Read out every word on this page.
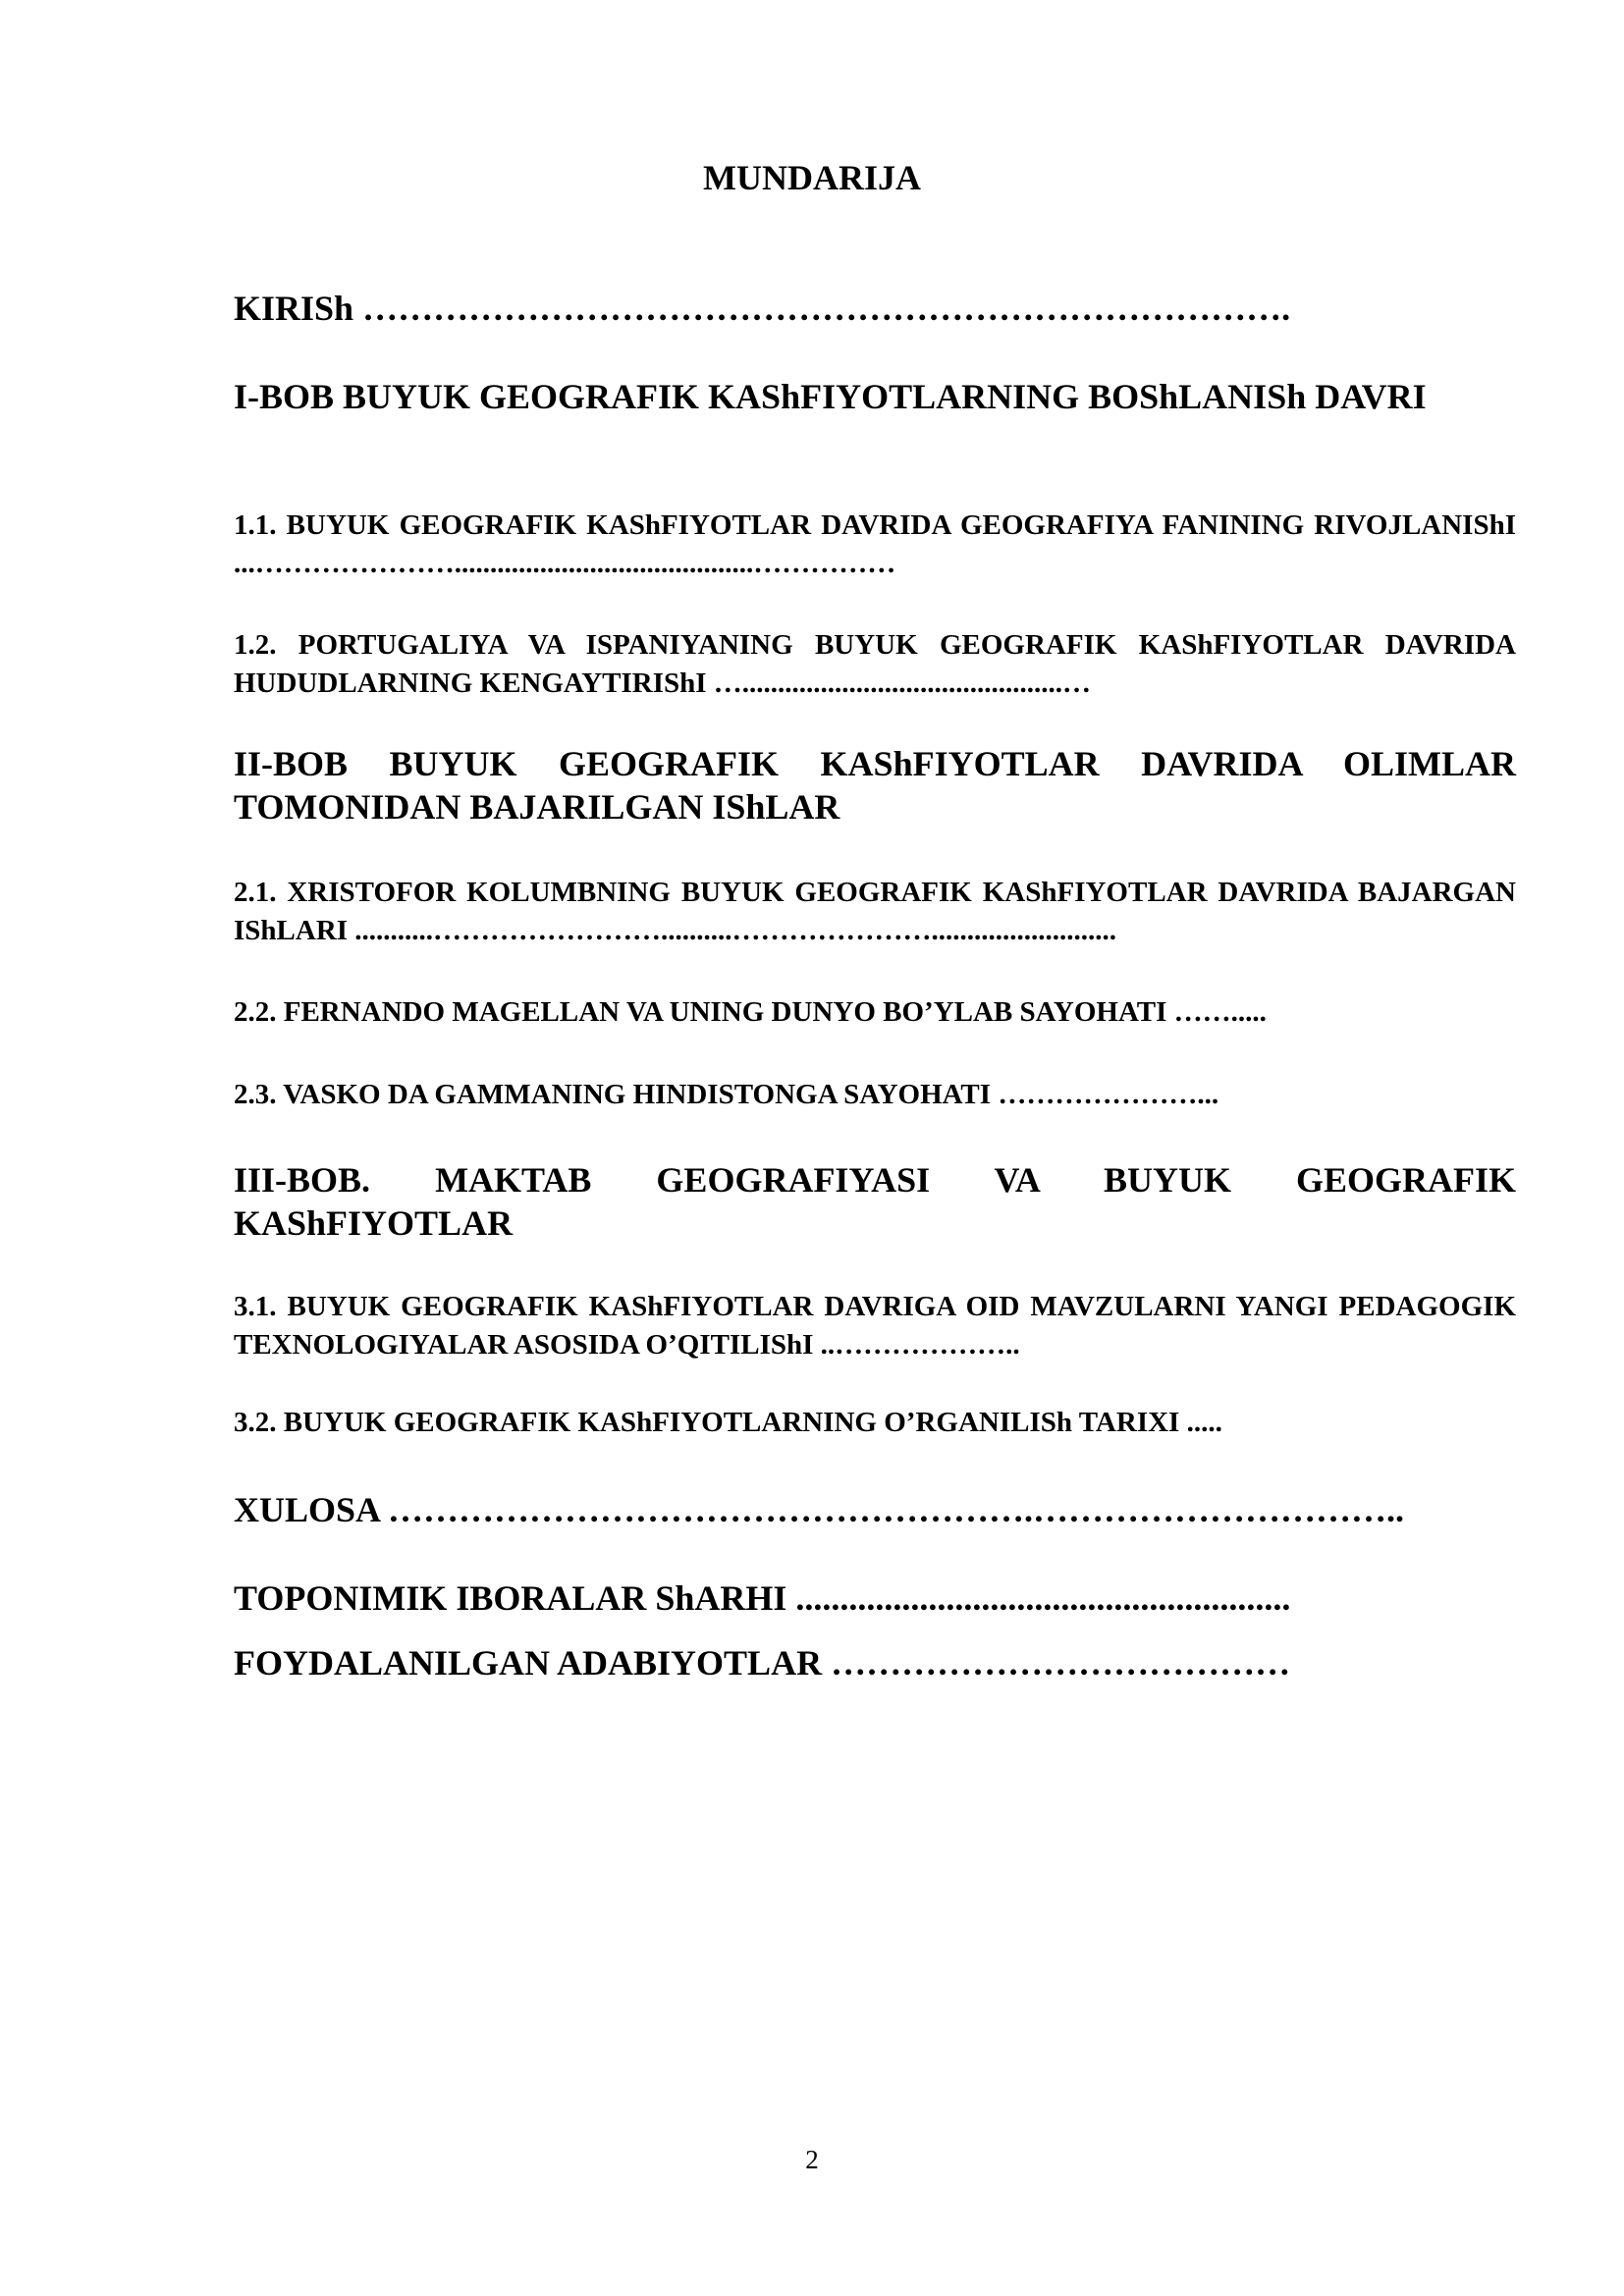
MUNDARIJA
KIRISh …………………………………………………………………….
I-BOB BUYUK GEOGRAFIK KAShFIYOTLARNING BOShLANISh DAVRI
1.1. BUYUK GEOGRAFIK KAShFIYOTLAR DAVRIDA GEOGRAFIYA FANINING RIVOJLANIShI ...…………………..........................................……………
1.2. PORTUGALIYA VA ISPANIYANING BUYUK GEOGRAFIK KAShFIYOTLAR DAVRIDA HUDUDLARNING KENGAYTIRIShI ….............................................…
II-BOB BUYUK GEOGRAFIK KAShFIYOTLAR DAVRIDA OLIMLAR TOMONIDAN BAJARILGAN IShLAR
2.1. XRISTOFOR KOLUMBNING BUYUK GEOGRAFIK KAShFIYOTLAR DAVRIDA BAJARGAN IShLARI ...........……………………..........…………………..........................
2.2. FERNANDO MAGELLAN VA UNING DUNYO BO’YLAB SAYOHATI …….....
2.3. VASKO DA GAMMANING HINDISTONGA SAYOHATI …………………...
III-BOB. MAKTAB GEOGRAFIYASI VA BUYUK GEOGRAFIK KAShFIYOTLAR
3.1. BUYUK GEOGRAFIK KAShFIYOTLAR DAVRIGA OID MAVZULARNI YANGI PEDAGOGIK TEXNOLOGIYALAR ASOSIDA O’QITILIShI ..………………..
3.2. BUYUK GEOGRAFIK KAShFIYOTLARNING O’RGANILISh TARIXI .....
XULOSA ……………………………………………….…………………………..
TOPONIMIK IBORALAR ShARHI ........................................................
FOYDALANILGAN ADABIYOTLAR …………………………………
2
